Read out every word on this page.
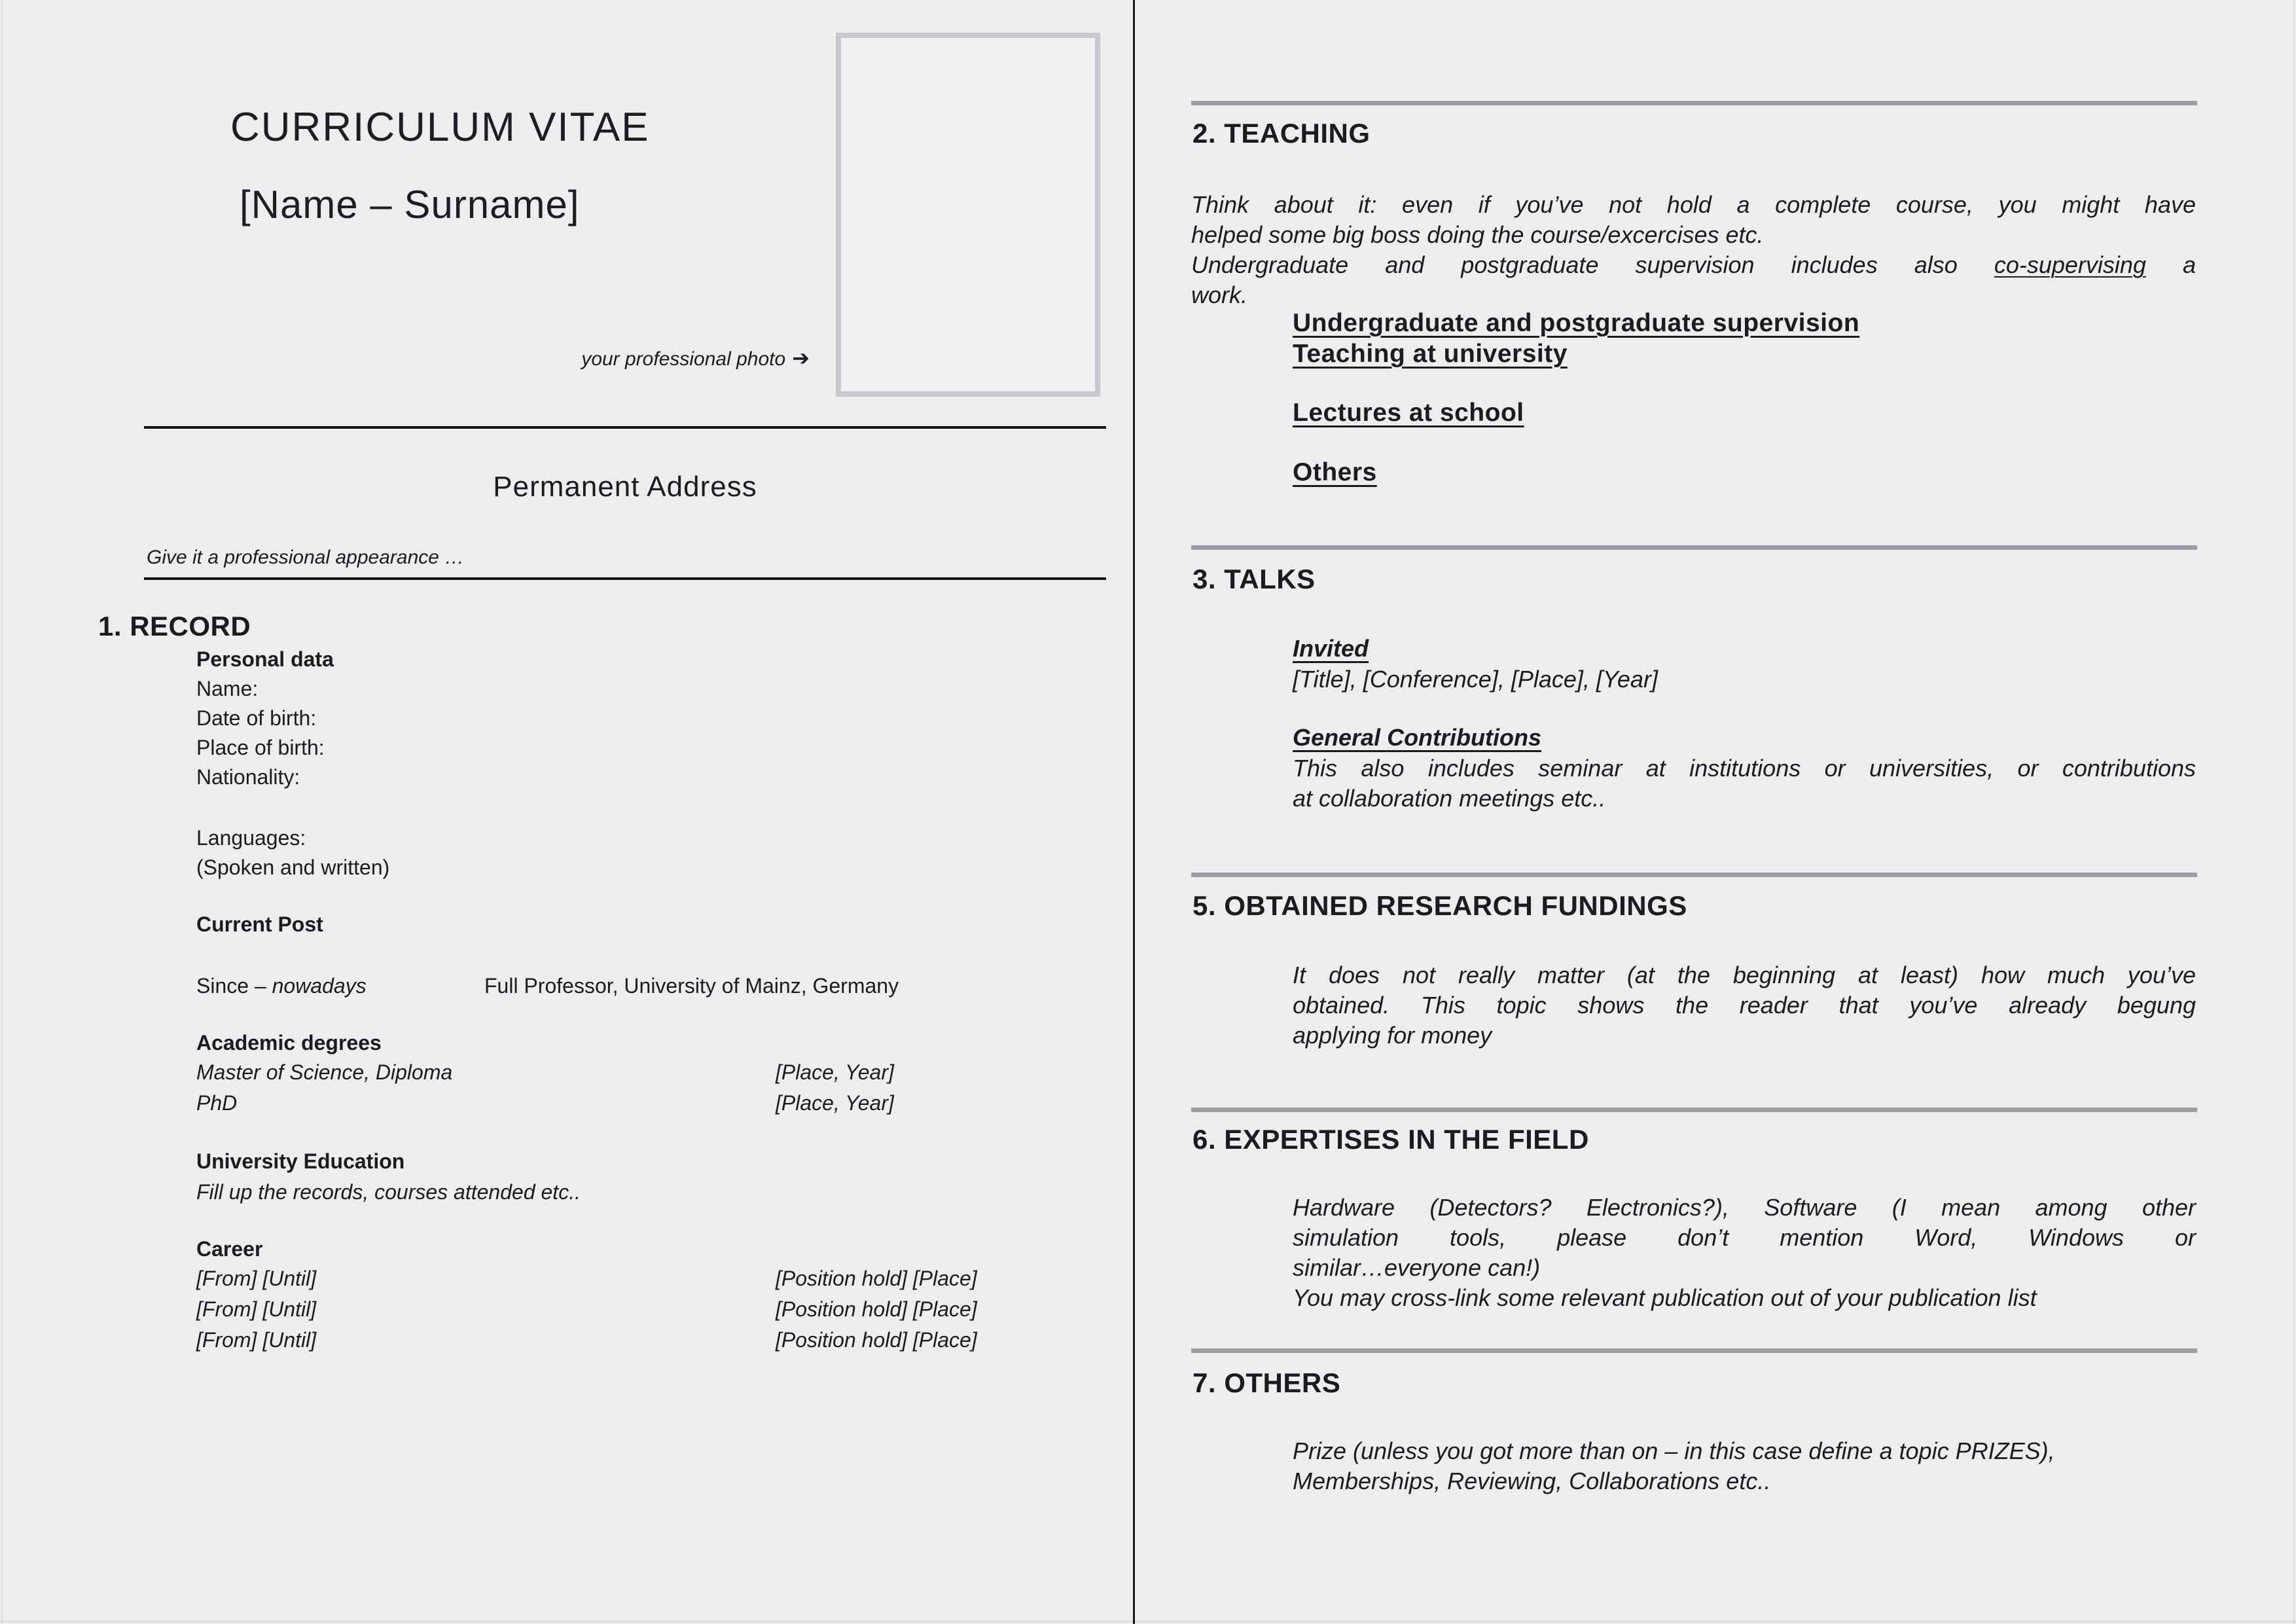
CURRICULUM VITAE
[Name – Surname]
your professional photo ➔
Permanent Address
Give it a professional appearance …
1. RECORD
Personal data
Name:
Date of birth:
Place of birth:
Nationality:
Languages:
(Spoken and written)
Current Post
Since – nowadays	Full Professor, University of Mainz, Germany
Academic degrees
Master of Science, Diploma	[Place, Year]
PhD	[Place, Year]
University Education
Fill up the records, courses attended etc..
Career
[From] [Until]	[Position hold] [Place]
[From] [Until]	[Position hold] [Place]
[From] [Until]	[Position hold] [Place]
2. TEACHING
Think about it: even if you’ve not hold a complete course, you might have
helped some big boss doing the course/excercises etc.
Undergraduate and postgraduate supervision includes also co-supervising a
work.
Undergraduate and postgraduate supervision
Teaching at university
Lectures at school
Others
3. TALKS
Invited
[Title], [Conference], [Place], [Year]
General Contributions
This also includes seminar at institutions or universities, or contributions
at collaboration meetings etc..
5. OBTAINED RESEARCH FUNDINGS
It does not really matter (at the beginning at least) how much you’ve
obtained. This topic shows the reader that you’ve already begung
applying for money
6. EXPERTISES IN THE FIELD
Hardware (Detectors? Electronics?), Software (I mean among other
simulation tools, please don’t mention Word, Windows or
similar…everyone can!)
You may cross-link some relevant publication out of your publication list
7. OTHERS
Prize (unless you got more than on – in this case define a topic PRIZES),
Memberships, Reviewing, Collaborations etc..
